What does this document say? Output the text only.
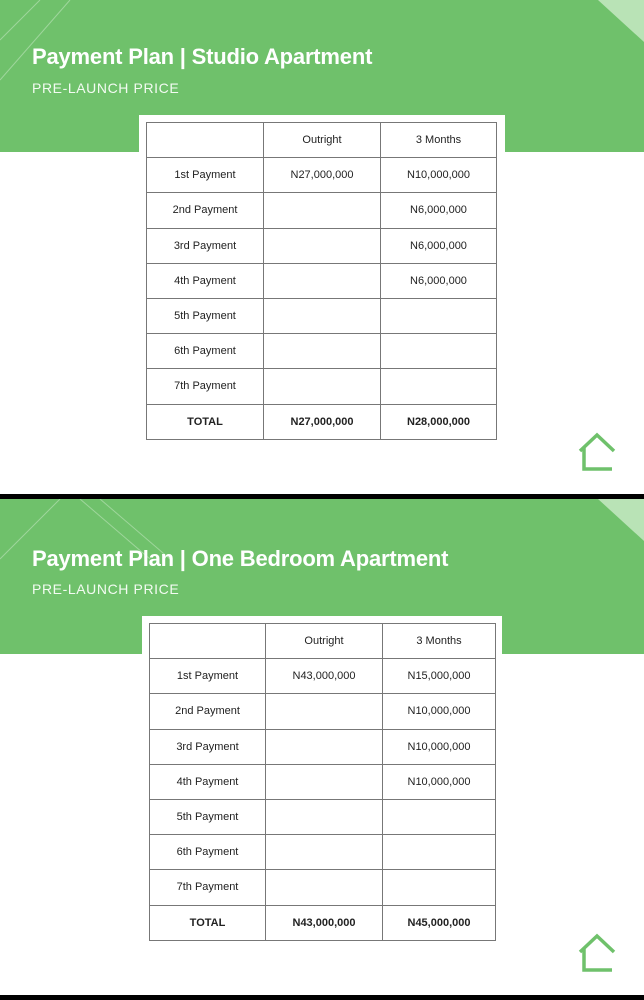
Payment Plan | Studio Apartment
PRE-LAUNCH PRICE
	Outright	3 Months
1st Payment	N27,000,000	N10,000,000
2nd Payment		N6,000,000
3rd Payment		N6,000,000
4th Payment		N6,000,000
5th Payment		
6th Payment		
7th Payment		
TOTAL	N27,000,000	N28,000,000
Payment Plan | One Bedroom Apartment
PRE-LAUNCH PRICE
	Outright	3 Months
1st Payment	N43,000,000	N15,000,000
2nd Payment		N10,000,000
3rd Payment		N10,000,000
4th Payment		N10,000,000
5th Payment		
6th Payment		
7th Payment		
TOTAL	N43,000,000	N45,000,000
